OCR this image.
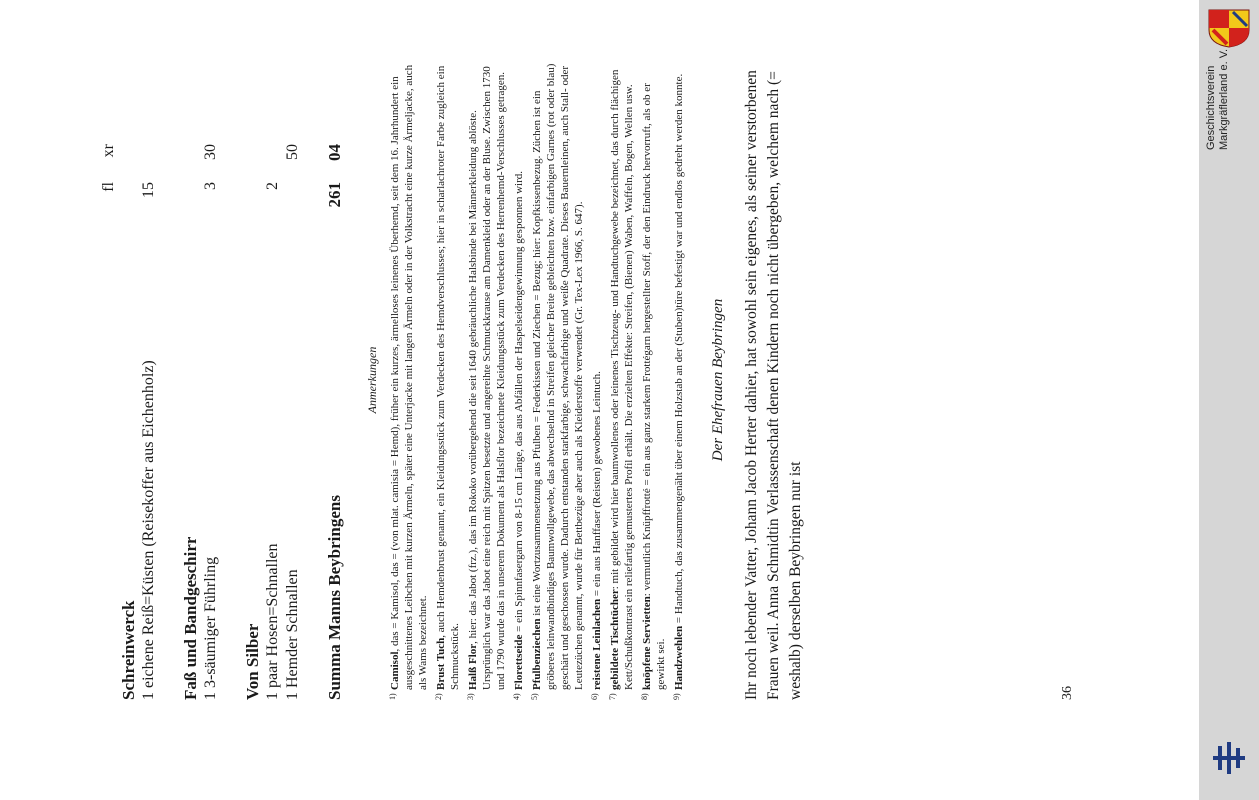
fl
xr
Schreinwerck 1 eichene Reiß=Küsten (Reisekoffer aus Eichenholz)
15
Faß und Bandgeschirr 1 3-säumiger Führling
3
30
Von Silber 1 paar Hosen=Schnallen
2
1 Hemder Schnallen
50
Summa Manns Beybringens
261
04
Anmerkungen
1)
Camisol, das = Kamisol, das = (von mlat. camisia = Hemd), früher ein kurzes, ärmelloses leinenes Überhemd, seit dem 16. Jahrhundert ein ausgeschnittenes Leibchen mit kurzen Ärmeln, später eine Unterjacke mit langen Ärmeln oder in der Volkstracht eine kurze Ärmeljacke, auch als Wams bezeichnet.
2)
Brust Tuch, auch Hemdenbrust genannt, ein Kleidungsstück zum Verdecken des Hemdverschlusses; hier in scharlachroter Farbe zugleich ein Schmuckstück.
3)
Halß Flor, hier: das Jabot (frz.), das im Rokoko vorübergehend die seit 1640 gebräuchliche Halsbinde bei Männerkleidung ablöste. Ursprünglich war das Jabot eine reich mit Spitzen besetzte und angereihte Schmuckkrause am Damenkleid oder an der Bluse. Zwischen 1730 und 1790 wurde das in unserem Dokument als Halsflor bezeichnete Kleidungsstück zum Verdecken des Herrenhemd-Verschlusses getragen.
4)
Florettseide = ein Spinnfasergarn von 8-15 cm Länge, das aus Abfällen der Haspelseidengewinnung gesponnen wird.
5)
Pfulbenziechen ist eine Wortzusammensetzung aus Pfulben = Federkissen und Ziechen = Bezug; hier: Kopfkissenbezug. Züchen ist ein gröberes leinwandbindiges Baumwollgewebe, das abwechselnd in Streifen gleicher Breite gebleichten bzw. einfarbigen Garnes (rot oder blau) geschärt und geschossen wurde. Dadurch entstanden starkfarbige, schwachfarbige und weiße Quadrate. Dieses Bauernleinen, auch Stall- oder Leutezüchen genannt, wurde für Bettbezüge aber auch als Kleiderstoffe verwendet (Gr. Tex-Lex 1966, S. 647).
6)
reistene Leinlachen = ein aus Hanffaser (Reisten) gewobenes Leintuch.
7)
gebildete Tischtücher: mit gebildet wird hier baumwollenes oder leinenes Tischzeug- und Handtuchgewebe bezeichnet, das durch flächigen Kett/Schußkontrast ein reliefartig gemustertes Profil erhält. Die erzielten Effekte: Streifen, (Bienen) Waben, Waffeln, Bogen, Wellen usw.
8)
knöpfene Servietten: vermutlich Knüpffrotté = ein aus ganz starkem Frottégarn hergestellter Stoff, der den Eindruck hervorruft, als ob er gewirkt sei.
9)
Handzwehlen = Handtuch, das zusammengenäht über einem Holzstab an der (Stuben)türe befestigt war und endlos gedreht werden konnte. Der Ehefrauen Beybringen Ihr noch lebender Vatter, Johann Jacob Herter dahier, hat sowohl sein eigenes, als seiner verstorbenen Frauen weil. Anna Schmidtin Verlassenschaft denen Kindern noch nicht übergeben, welchem nach (= weshalb) derselben Beybringen nur ist	36
Geschichtsverein Markgräflerland e. V.
